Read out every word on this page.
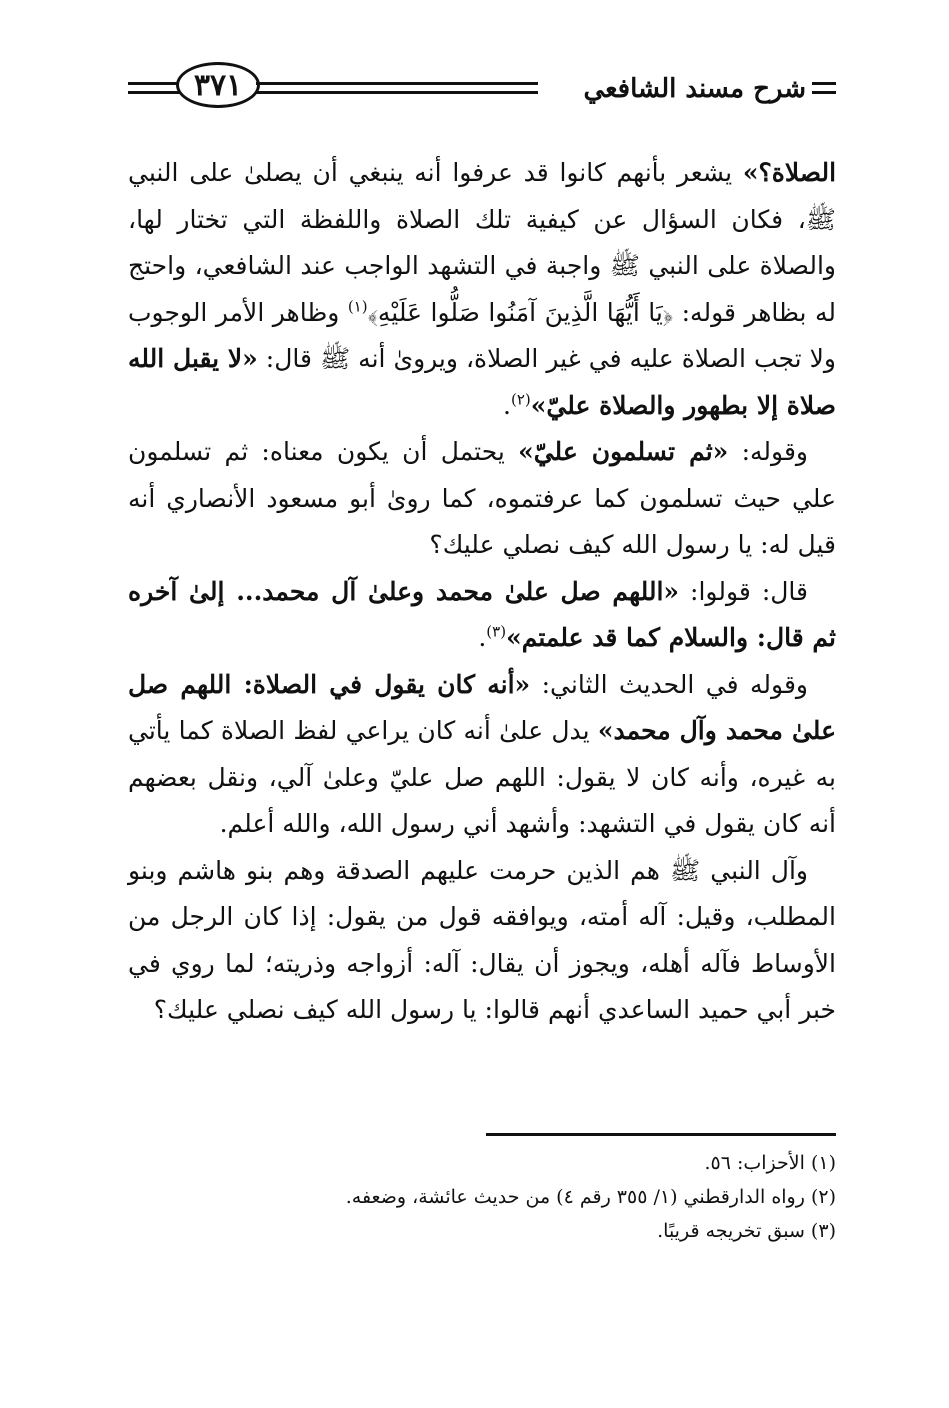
٣٧١	شرح مسند الشافعي

الصلاة؟» يشعر بأنهم كانوا قد عرفوا أنه ينبغي أن يصلىٰ على النبي ﷺ، فكان السؤال عن كيفية تلك الصلاة واللفظة التي تختار لها، والصلاة على النبي ﷺ واجبة في التشهد الواجب عند الشافعي، واحتج له بظاهر قوله: ﴿يَا أَيُّهَا الَّذِينَ آمَنُوا صَلُّوا عَلَيْهِ﴾$^{(١)}$ وظاهر الأمر الوجوب ولا تجب الصلاة عليه في غير الصلاة، ويروىٰ أنه ﷺ قال: «لا يقبل الله صلاة إلا بطهور والصلاة عليّ»$^{(٢)}$.

وقوله: «ثم تسلمون عليّ» يحتمل أن يكون معناه: ثم تسلمون علي حيث تسلمون كما عرفتموه، كما روىٰ أبو مسعود الأنصاري أنه قيل له: يا رسول الله كيف نصلي عليك؟

قال: قولوا: «اللهم صل علىٰ محمد وعلىٰ آل محمد... إلىٰ آخره ثم قال: والسلام كما قد علمتم»$^{(٣)}$.

وقوله في الحديث الثاني: «أنه كان يقول في الصلاة: اللهم صل علىٰ محمد وآل محمد» يدل علىٰ أنه كان يراعي لفظ الصلاة كما يأتي به غيره، وأنه كان لا يقول: اللهم صل عليّ وعلىٰ آلي، ونقل بعضهم أنه كان يقول في التشهد: وأشهد أني رسول الله، والله أعلم.

وآل النبي ﷺ هم الذين حرمت عليهم الصدقة وهم بنو هاشم وبنو المطلب، وقيل: آله أمته، ويوافقه قول من يقول: إذا كان الرجل من الأوساط فآله أهله، ويجوز أن يقال: آله: أزواجه وذريته؛ لما روي في خبر أبي حميد الساعدي أنهم قالوا: يا رسول الله كيف نصلي عليك؟

(١) الأحزاب: ٥٦.

(٢) رواه الدارقطني (١/ ٣٥٥ رقم ٤) من حديث عائشة، وضعفه.

(٣) سبق تخريجه قريبًا.
